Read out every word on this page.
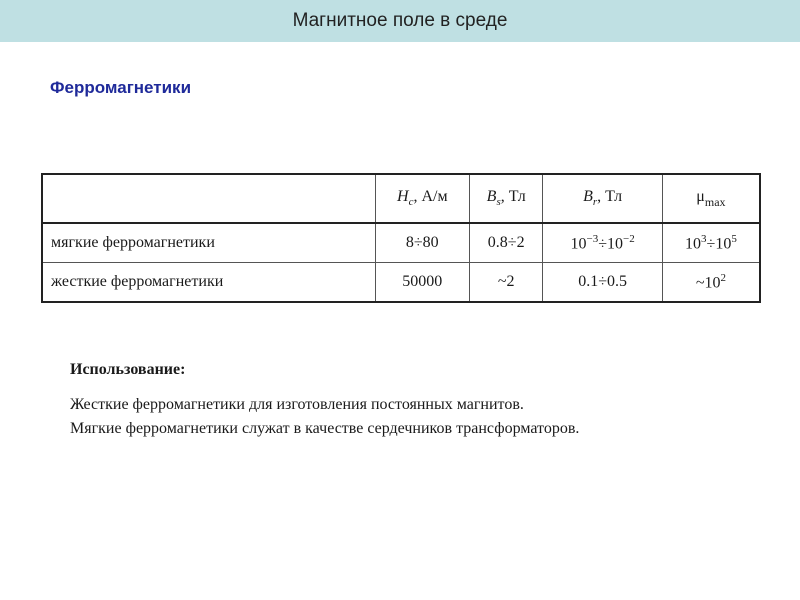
Магнитное поле в среде
Ферромагнетики
	$H_c$, А/м	$B_s$, Тл	$B_r$, Тл	$\mu_{max}$
мягкие ферромагнетики	8÷80	0.8÷2	$10^{-3}\div 10^{-2}$	$10^3\div 10^5$
жесткие ферромагнетики	50000	~2	0.1÷0.5	$\sim 10^2$
Использование:
Жесткие ферромагнетики для изготовления постоянных магнитов.
Мягкие ферромагнетики служат в качестве сердечников трансформаторов.
